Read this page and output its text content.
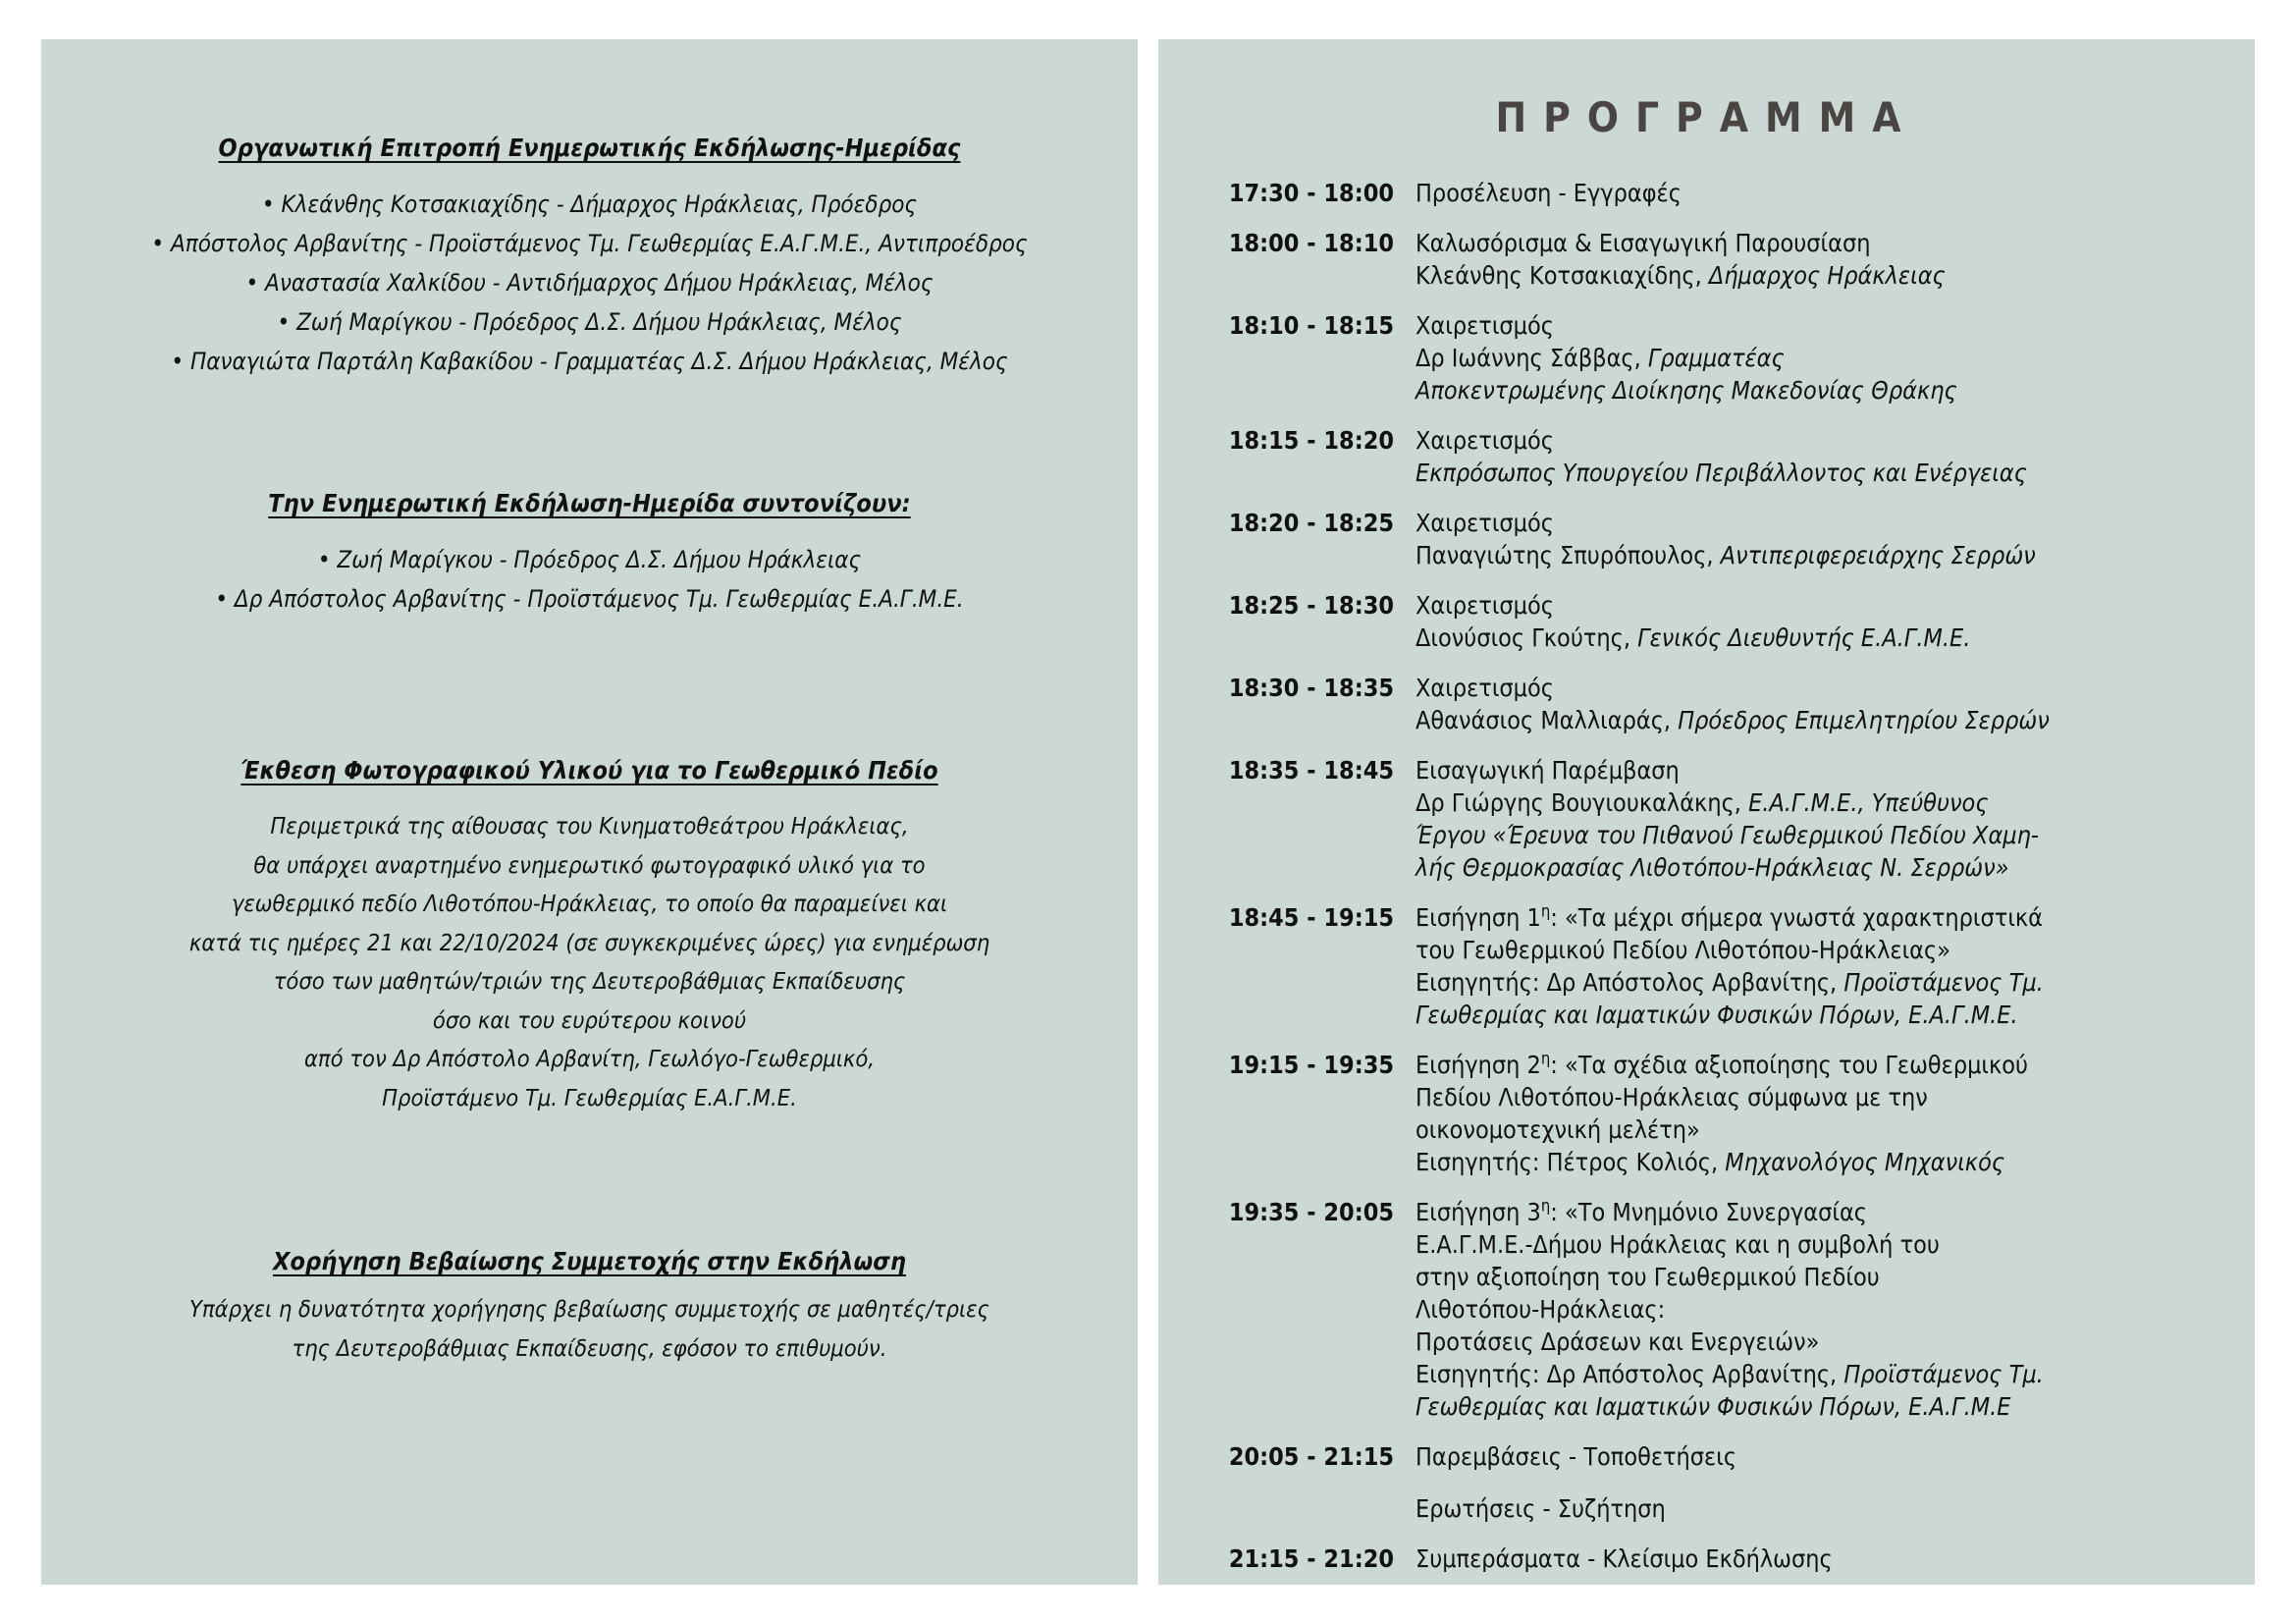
Οργανωτική Επιτροπή Ενημερωτικής Εκδήλωσης-Ημερίδας
• Κλεάνθης Κοτσακιαχίδης - Δήμαρχος Ηράκλειας, Πρόεδρος
• Απόστολος Αρβανίτης - Προϊστάμενος Τμ. Γεωθερμίας Ε.Α.Γ.Μ.Ε., Αντιπροέδρος
• Αναστασία Χαλκίδου - Αντιδήμαρχος Δήμου Ηράκλειας, Μέλος
• Ζωή Μαρίγκου - Πρόεδρος Δ.Σ. Δήμου Ηράκλειας, Μέλος
• Παναγιώτα Παρτάλη Καβακίδου - Γραμματέας Δ.Σ. Δήμου Ηράκλειας, Μέλος
Την Ενημερωτική Εκδήλωση-Ημερίδα συντονίζουν:
• Ζωή Μαρίγκου - Πρόεδρος Δ.Σ. Δήμου Ηράκλειας
• Δρ Απόστολος Αρβανίτης - Προϊστάμενος Τμ. Γεωθερμίας Ε.Α.Γ.Μ.Ε.
Έκθεση Φωτογραφικού Υλικού για το Γεωθερμικό Πεδίο
Περιμετρικά της αίθουσας του Κινηματοθεάτρου Ηράκλειας,
θα υπάρχει αναρτημένο ενημερωτικό φωτογραφικό υλικό για το
γεωθερμικό πεδίο Λιθοτόπου-Ηράκλειας, το οποίο θα παραμείνει και
κατά τις ημέρες 21 και 22/10/2024 (σε συγκεκριμένες ώρες) για ενημέρωση
τόσο των μαθητών/τριών της Δευτεροβάθμιας Εκπαίδευσης
όσο και του ευρύτερου κοινού
από τον Δρ Απόστολο Αρβανίτη, Γεωλόγο-Γεωθερμικό,
Προϊστάμενο Τμ. Γεωθερμίας Ε.Α.Γ.Μ.Ε.
Χορήγηση Βεβαίωσης Συμμετοχής στην Εκδήλωση
Υπάρχει η δυνατότητα χορήγησης βεβαίωσης συμμετοχής σε μαθητές/τριες
της Δευτεροβάθμιας Εκπαίδευσης, εφόσον το επιθυμούν.
ΠΡΟΓΡΑΜΜΑ
17:30 - 18:00 Προσέλευση - Εγγραφές
18:00 - 18:10 Καλωσόρισμα & Εισαγωγική Παρουσίαση
Κλεάνθης Κοτσακιαχίδης, Δήμαρχος Ηράκλειας
18:10 - 18:15 Χαιρετισμός
Δρ Ιωάννης Σάββας, Γραμματέας
Αποκεντρωμένης Διοίκησης Μακεδονίας Θράκης
18:15 - 18:20 Χαιρετισμός
Εκπρόσωπος Υπουργείου Περιβάλλοντος και Ενέργειας
18:20 - 18:25 Χαιρετισμός
Παναγιώτης Σπυρόπουλος, Αντιπεριφερειάρχης Σερρών
18:25 - 18:30 Χαιρετισμός
Διονύσιος Γκούτης, Γενικός Διευθυντής Ε.Α.Γ.Μ.Ε.
18:30 - 18:35 Χαιρετισμός
Αθανάσιος Μαλλιαράς, Πρόεδρος Επιμελητηρίου Σερρών
18:35 - 18:45 Εισαγωγική Παρέμβαση
Δρ Γιώργης Βουγιουκαλάκης, Ε.Α.Γ.Μ.Ε., Υπεύθυνος
Έργου «Έρευνα του Πιθανού Γεωθερμικού Πεδίου Χαμη-
λής Θερμοκρασίας Λιθοτόπου-Ηράκλειας Ν. Σερρών»
18:45 - 19:15 Εισήγηση $1^\eta$: «Τα μέχρι σήμερα γνωστά χαρακτηριστικά
του Γεωθερμικού Πεδίου Λιθοτόπου-Ηράκλειας»
Εισηγητής: Δρ Απόστολος Αρβανίτης, Προϊστάμενος Τμ.
Γεωθερμίας και Ιαματικών Φυσικών Πόρων, Ε.Α.Γ.Μ.Ε.
19:15 - 19:35 Εισήγηση $2^\eta$: «Τα σχέδια αξιοποίησης του Γεωθερμικού
Πεδίου Λιθοτόπου-Ηράκλειας σύμφωνα με την
οικονομοτεχνική μελέτη»
Εισηγητής: Πέτρος Κολιός, Μηχανολόγος Μηχανικός
19:35 - 20:05 Εισήγηση $3^\eta$: «Το Μνημόνιο Συνεργασίας
Ε.Α.Γ.Μ.Ε.-Δήμου Ηράκλειας και η συμβολή του
στην αξιοποίηση του Γεωθερμικού Πεδίου
Λιθοτόπου-Ηράκλειας:
Προτάσεις Δράσεων και Ενεργειών»
Εισηγητής: Δρ Απόστολος Αρβανίτης, Προϊστάμενος Τμ.
Γεωθερμίας και Ιαματικών Φυσικών Πόρων, Ε.Α.Γ.Μ.Ε
20:05 - 21:15 Παρεμβάσεις - Τοποθετήσεις
Ερωτήσεις - Συζήτηση
21:15 - 21:20 Συμπεράσματα - Κλείσιμο Εκδήλωσης
